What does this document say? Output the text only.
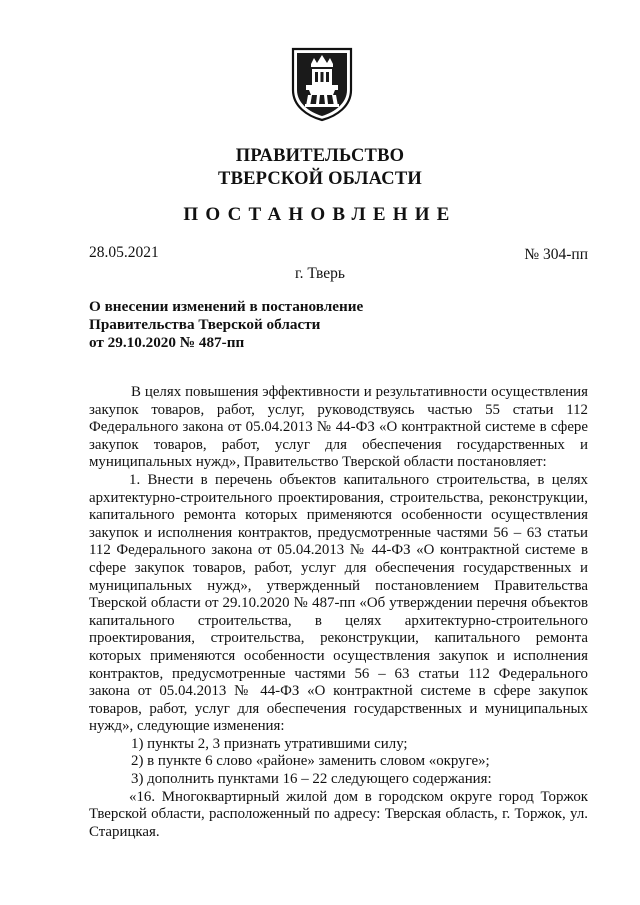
ПРАВИТЕЛЬСТВО
ТВЕРСКОЙ ОБЛАСТИ
ПОСТАНОВЛЕНИЕ
28.05.2021	№ 304-пп
г. Тверь
О внесении изменений в постановление
Правительства Тверской области
от 29.10.2020 № 487-пп

В целях повышения эффективности и результативности осуществления закупок товаров, работ, услуг, руководствуясь частью 55 статьи 112 Федерального закона от 05.04.2013 № 44-ФЗ «О контрактной системе в сфере закупок товаров, работ, услуг для обеспечения государственных и муниципальных нужд», Правительство Тверской области постановляет:

1. Внести в перечень объектов капитального строительства, в целях архитектурно-строительного проектирования, строительства, реконструкции, капитального ремонта которых применяются особенности осуществления закупок и исполнения контрактов, предусмотренные частями 56 – 63 статьи 112 Федерального закона от 05.04.2013 № 44-ФЗ «О контрактной системе в сфере закупок товаров, работ, услуг для обеспечения государственных и муниципальных нужд», утвержденный постановлением Правительства Тверской области от 29.10.2020 № 487-пп «Об утверждении перечня объектов капитального строительства, в целях архитектурно-строительного проектирования, строительства, реконструкции, капитального ремонта которых применяются особенности осуществления закупок и исполнения контрактов, предусмотренные частями 56 – 63 статьи 112 Федерального закона от 05.04.2013 № 44-ФЗ «О контрактной системе в сфере закупок товаров, работ, услуг для обеспечения государственных и муниципальных нужд», следующие изменения:

1) пункты 2, 3 признать утратившими силу;

2) в пункте 6 слово «районе» заменить словом «округе»;

3) дополнить пунктами 16 – 22 следующего содержания:

«16. Многоквартирный жилой дом в городском округе город Торжок Тверской области, расположенный по адресу: Тверская область, г. Торжок, ул. Старицкая.
